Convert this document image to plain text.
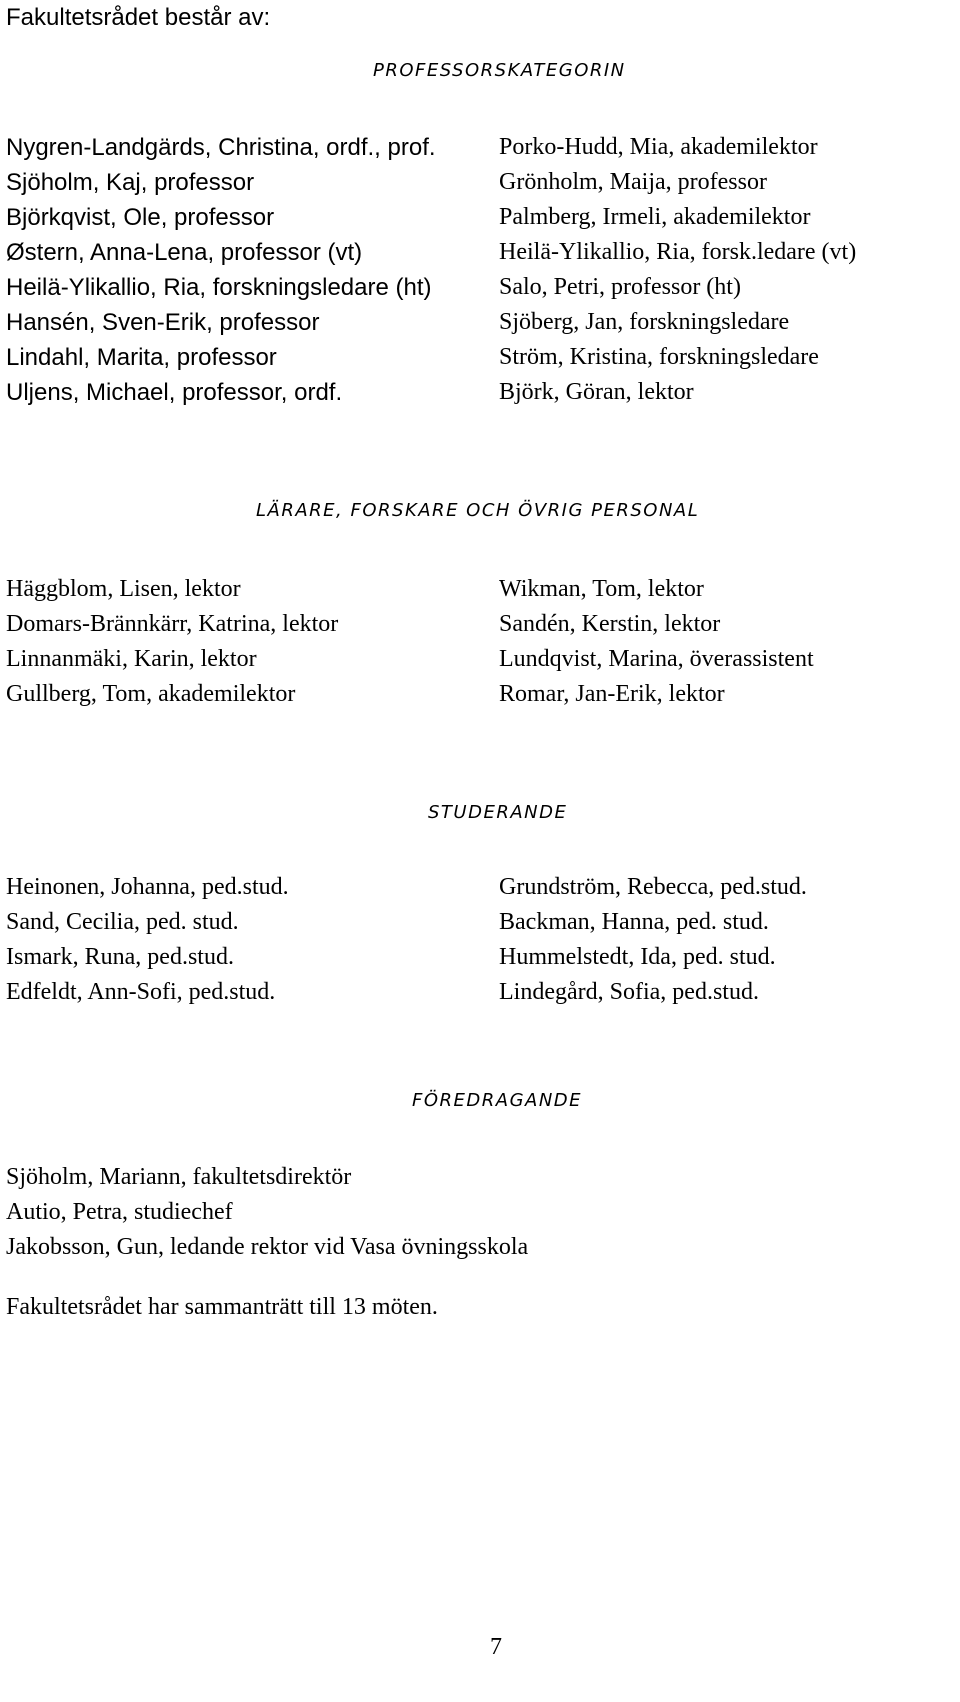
Fakultetsrådet består av:
PROFESSORSKATEGORIN
Nygren-Landgärds, Christina, ordf., prof.
Sjöholm, Kaj, professor
Björkqvist, Ole, professor
Østern, Anna-Lena, professor (vt)
Heilä-Ylikallio, Ria, forskningsledare (ht)
Hansén, Sven-Erik, professor
Lindahl, Marita, professor
Uljens, Michael, professor, ordf.
Porko-Hudd, Mia, akademilektor
Grönholm, Maija, professor
Palmberg, Irmeli, akademilektor
Heilä-Ylikallio, Ria, forsk.ledare (vt)
Salo, Petri, professor (ht)
Sjöberg, Jan, forskningsledare
Ström, Kristina, forskningsledare
Björk, Göran, lektor
LÄRARE, FORSKARE OCH ÖVRIG PERSONAL
Häggblom, Lisen, lektor
Domars-Brännkärr, Katrina, lektor
Linnanmäki, Karin, lektor
Gullberg, Tom, akademilektor
Wikman, Tom, lektor
Sandén, Kerstin, lektor
Lundqvist, Marina, överassistent
Romar, Jan-Erik, lektor
STUDERANDE
Heinonen, Johanna, ped.stud.
Sand, Cecilia, ped. stud.
Ismark, Runa, ped.stud.
Edfeldt, Ann-Sofi, ped.stud.
Grundström, Rebecca, ped.stud.
Backman, Hanna, ped. stud.
Hummelstedt, Ida, ped. stud.
Lindegård, Sofia, ped.stud.
FÖREDRAGANDE
Sjöholm, Mariann, fakultetsdirektör
Autio, Petra, studiechef
Jakobsson, Gun, ledande rektor vid Vasa övningsskola
Fakultetsrådet har sammanträtt till 13 möten.
7
